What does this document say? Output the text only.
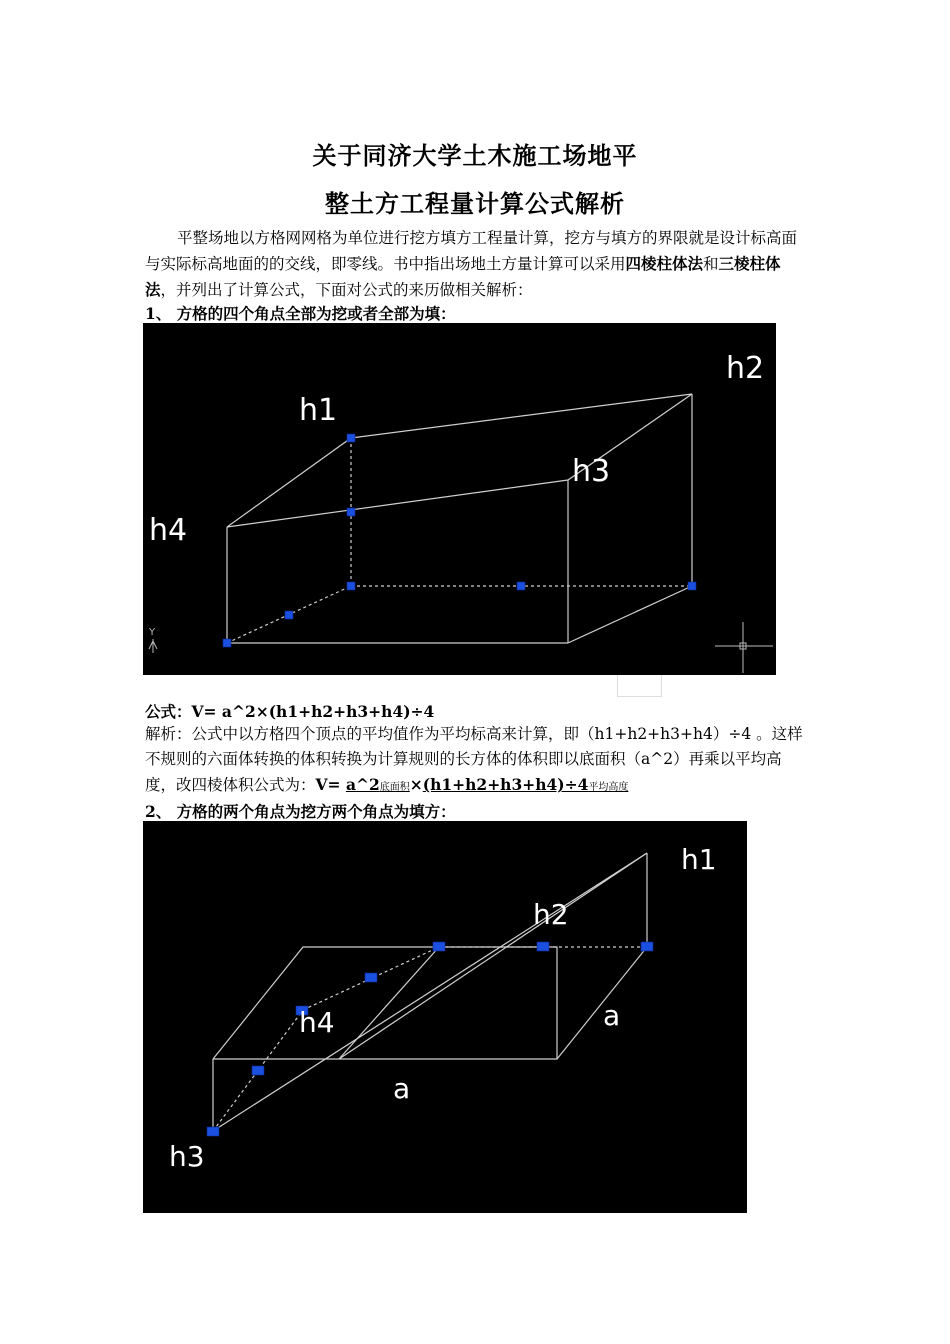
关于同济大学土木施工场地平
整土方工程量计算公式解析
平整场地以方格网网格为单位进行挖方填方工程量计算，挖方与填方的界限就是设计标高面与实际标高地面的的交线，即零线。书中指出场地土方量计算可以采用四棱柱体法和三棱柱体法，并列出了计算公式，下面对公式的来历做相关解析：
1、 方格的四个角点全部为挖或者全部为填：
h1
h2
h3
h4
Y
公式：V= a^2×(h1+h2+h3+h4)÷4
解析：公式中以方格四个顶点的平均值作为平均标高来计算，即（h1+h2+h3+h4）÷4 。这样不规则的六面体转换的体积转换为计算规则的长方体的体积即以底面积（a^2）再乘以平均高度，改四棱体积公式为：V= a^2底面积×(h1+h2+h3+h4)÷4平均高度
2、 方格的两个角点为挖方两个角点为填方：
h1
h2
h3
h4	a
a
